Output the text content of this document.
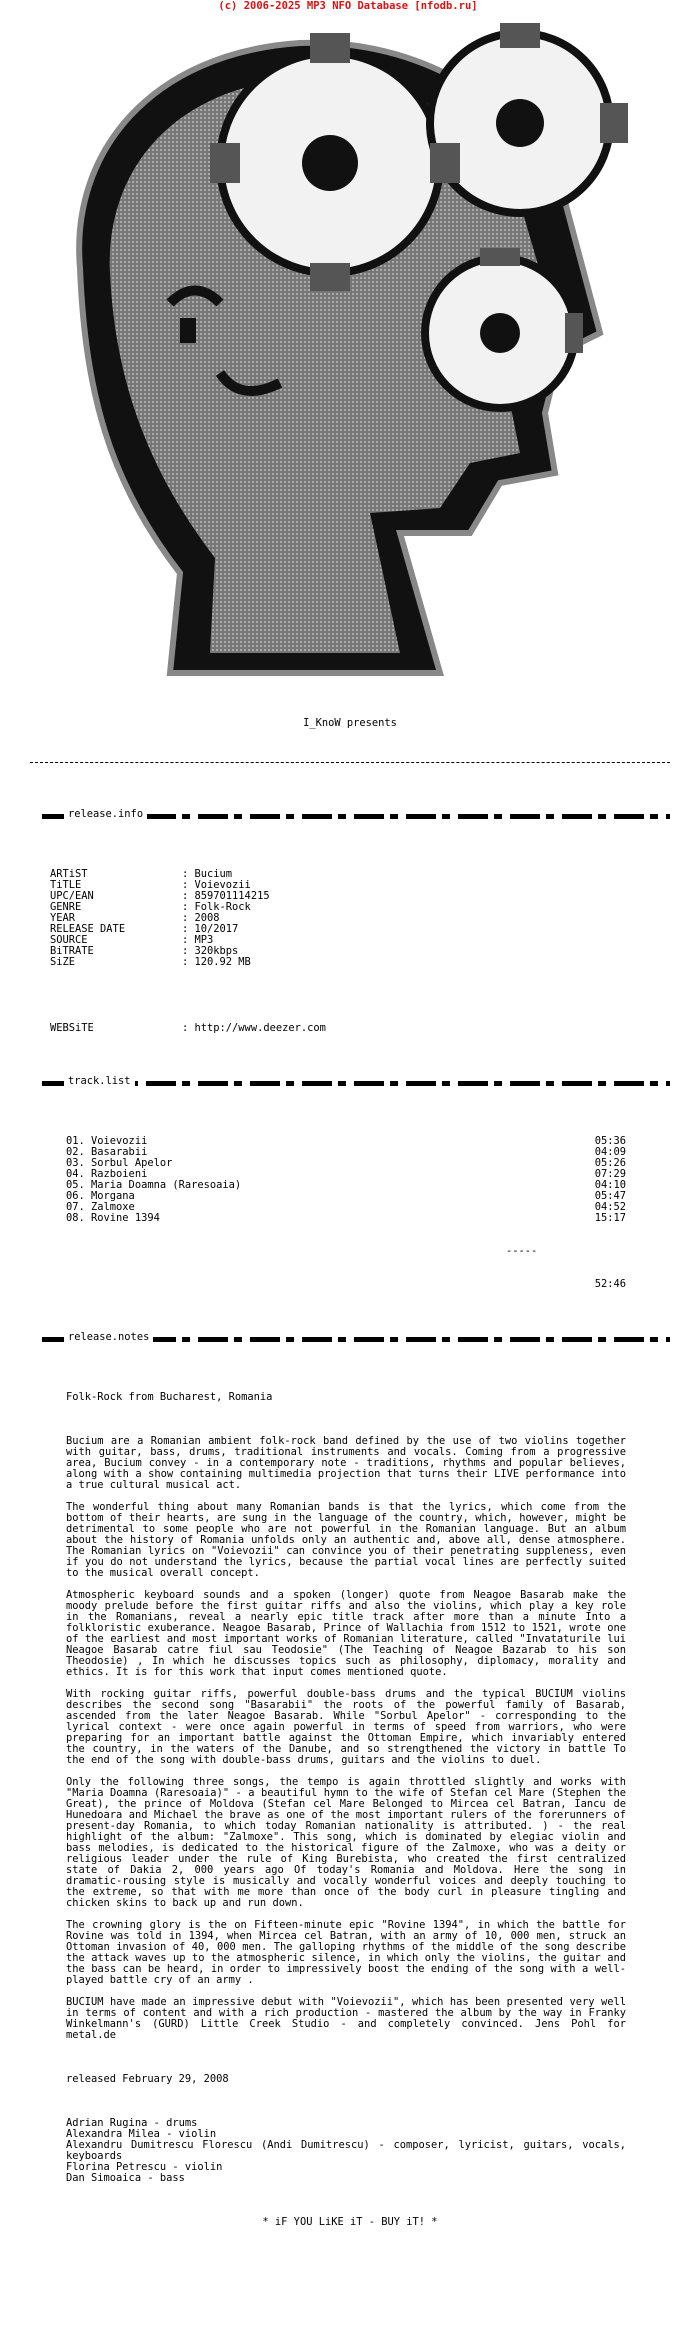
(c) 2006-2025 MP3 NFO Database [nfodb.ru]

I_KnoW presents

release.info

ARTiST	: Bucium
TiTLE	: Voievozii
UPC/EAN	: 859701114215
GENRE	: Folk-Rock
YEAR	: 2008
RELEASE DATE	: 10/2017
SOURCE	: MP3
BiTRATE	: 320kbps
SiZE	: 120.92 MB

WEBSiTE	: http://www.deezer.com

track.list

01. Voievozii	05:36
02. Basarabii	04:09
03. Sorbul Apelor	05:26
04. Razboieni	07:29
05. Maria Doamna (Raresoaia)	04:10
06. Morgana	05:47
07. Zalmoxe	04:52
08. Rovine 1394	15:17

-----

52:46

release.notes

Folk-Rock from Bucharest, Romania

Bucium are a Romanian ambient folk-rock band defined by the use of two violins together with guitar, bass, drums, traditional instruments and vocals. Coming from a progressive area, Bucium convey - in a contemporary note - traditions, rhythms and popular believes, along with a show containing multimedia projection that turns their LIVE performance into a true cultural musical act.
The wonderful thing about many Romanian bands is that the lyrics, which come from the bottom of their hearts, are sung in the language of the country, which, however, might be detrimental to some people who are not powerful in the Romanian language. But an album about the history of Romania unfolds only an authentic and, above all, dense atmosphere. The Romanian lyrics on "Voievozii" can convince you of their penetrating suppleness, even if you do not understand the lyrics, because the partial vocal lines are perfectly suited to the musical overall concept.
Atmospheric keyboard sounds and a spoken (longer) quote from Neagoe Basarab make the moody prelude before the first guitar riffs and also the violins, which play a key role in the Romanians, reveal a nearly epic title track after more than a minute Into a folkloristic exuberance. Neagoe Basarab, Prince of Wallachia from 1512 to 1521, wrote one of the earliest and most important works of Romanian literature, called "Invataturile lui Neagoe Basarab catre fiul sau Teodosie" (The Teaching of Neagoe Bazarab to his son Theodosie) , In which he discusses topics such as philosophy, diplomacy, morality and ethics. It is for this work that input comes mentioned quote.
With rocking guitar riffs, powerful double-bass drums and the typical BUCIUM violins describes the second song "Basarabii" the roots of the powerful family of Basarab, ascended from the later Neagoe Basarab. While "Sorbul Apelor" - corresponding to the lyrical context - were once again powerful in terms of speed from warriors, who were preparing for an important battle against the Ottoman Empire, which invariably entered the country, in the waters of the Danube, and so strengthened the victory in battle To the end of the song with double-bass drums, guitars and the violins to duel.
Only the following three songs, the tempo is again throttled slightly and works with "Maria Doamna (Raresoaia)" - a beautiful hymn to the wife of Stefan cel Mare (Stephen the Great), the prince of Moldova (Stefan cel Mare Belonged to Mircea cel Batran, Iancu de Hunedoara and Michael the brave as one of the most important rulers of the forerunners of present-day Romania, to which today Romanian nationality is attributed. ) - the real highlight of the album: "Zalmoxe". This song, which is dominated by elegiac violin and bass melodies, is dedicated to the historical figure of the Zalmoxe, who was a deity or religious leader under the rule of King Burebista, who created the first centralized state of Dakia 2, 000 years ago Of today's Romania and Moldova. Here the song in dramatic-rousing style is musically and vocally wonderful voices and deeply touching to the extreme, so that with me more than once of the body curl in pleasure tingling and chicken skins to back up and run down.
The crowning glory is the on Fifteen-minute epic "Rovine 1394", in which the battle for Rovine was told in 1394, when Mircea cel Batran, with an army of 10, 000 men, struck an Ottoman invasion of 40, 000 men. The galloping rhythms of the middle of the song describe the attack waves up to the atmospheric silence, in which only the violins, the guitar and the bass can be heard, in order to impressively boost the ending of the song with a well-played battle cry of an army .
BUCIUM have made an impressive debut with "Voievozii", which has been presented very well in terms of content and with a rich production - mastered the album by the way in Franky Winkelmann's (GURD) Little Creek Studio - and completely convinced. Jens Pohl for metal.de

released February 29, 2008

Adrian Rugina - drums
Alexandra Milea - violin
Alexandru Dumitrescu Florescu (Andi Dumitrescu) - composer, lyricist, guitars, vocals, keyboards
Florina Petrescu - violin
Dan Simoaica - bass

* iF YOU LiKE iT - BUY iT! *
